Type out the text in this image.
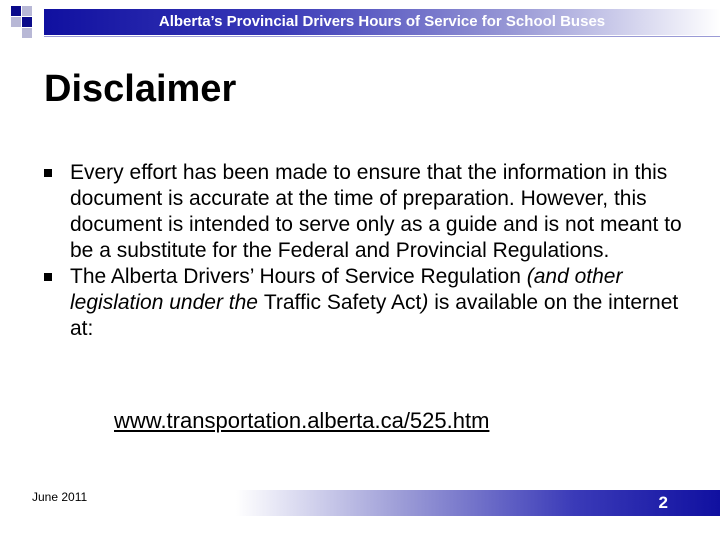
Alberta’s Provincial Drivers Hours of Service for School Buses
Disclaimer
Every effort has been made to ensure that the information in this document is accurate at the time of preparation. However, this document is intended to serve only as a guide and is not meant to be a substitute for the Federal and Provincial Regulations.
The Alberta Drivers’ Hours of Service Regulation (and other legislation under the Traffic Safety Act) is available on the internet at:
www.transportation.alberta.ca/525.htm
June 2011	2
